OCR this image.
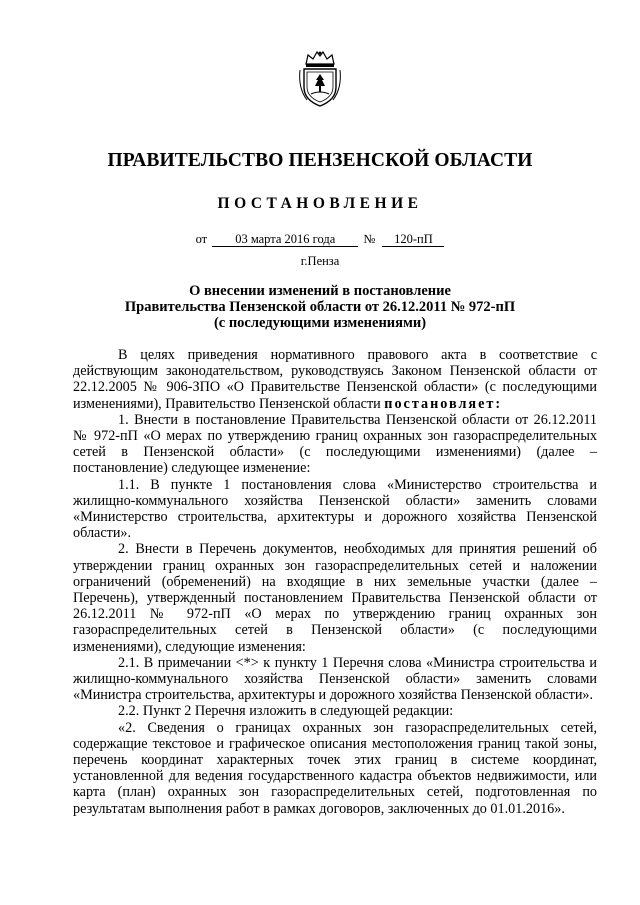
ПРАВИТЕЛЬСТВО ПЕНЗЕНСКОЙ ОБЛАСТИ
ПОСТАНОВЛЕНИЕ
от 03 марта 2016 года № 120-пП
г.Пенза
О внесении изменений в постановление
Правительства Пензенской области от 26.12.2011 № 972-пП
(с последующими изменениями)

В целях приведения нормативного правового акта в соответствие с действующим законодательством, руководствуясь Законом Пензенской области от 22.12.2005 № 906-ЗПО «О Правительстве Пензенской области» (с последующими изменениями), Правительство Пензенской области постановляет:

1. Внести в постановление Правительства Пензенской области от 26.12.2011 № 972-пП «О мерах по утверждению границ охранных зон газораспределительных сетей в Пензенской области» (с последующими изменениями) (далее – постановление) следующее изменение:

1.1. В пункте 1 постановления слова «Министерство строительства и жилищно-коммунального хозяйства Пензенской области» заменить словами «Министерство строительства, архитектуры и дорожного хозяйства Пензенской области».

2. Внести в Перечень документов, необходимых для принятия решений об утверждении границ охранных зон газораспределительных сетей и наложении ограничений (обременений) на входящие в них земельные участки (далее – Перечень), утвержденный постановлением Правительства Пензенской области от 26.12.2011 № 972-пП «О мерах по утверждению границ охранных зон газораспределительных сетей в Пензенской области» (с последующими изменениями), следующие изменения:

2.1. В примечании <*> к пункту 1 Перечня слова «Министра строительства и жилищно-коммунального хозяйства Пензенской области» заменить словами «Министра строительства, архитектуры и дорожного хозяйства Пензенской области».

2.2. Пункт 2 Перечня изложить в следующей редакции:

«2. Сведения о границах охранных зон газораспределительных сетей, содержащие текстовое и графическое описания местоположения границ такой зоны, перечень координат характерных точек этих границ в системе координат, установленной для ведения государственного кадастра объектов недвижимости, или карта (план) охранных зон газораспределительных сетей, подготовленная по результатам выполнения работ в рамках договоров, заключенных до 01.01.2016».
